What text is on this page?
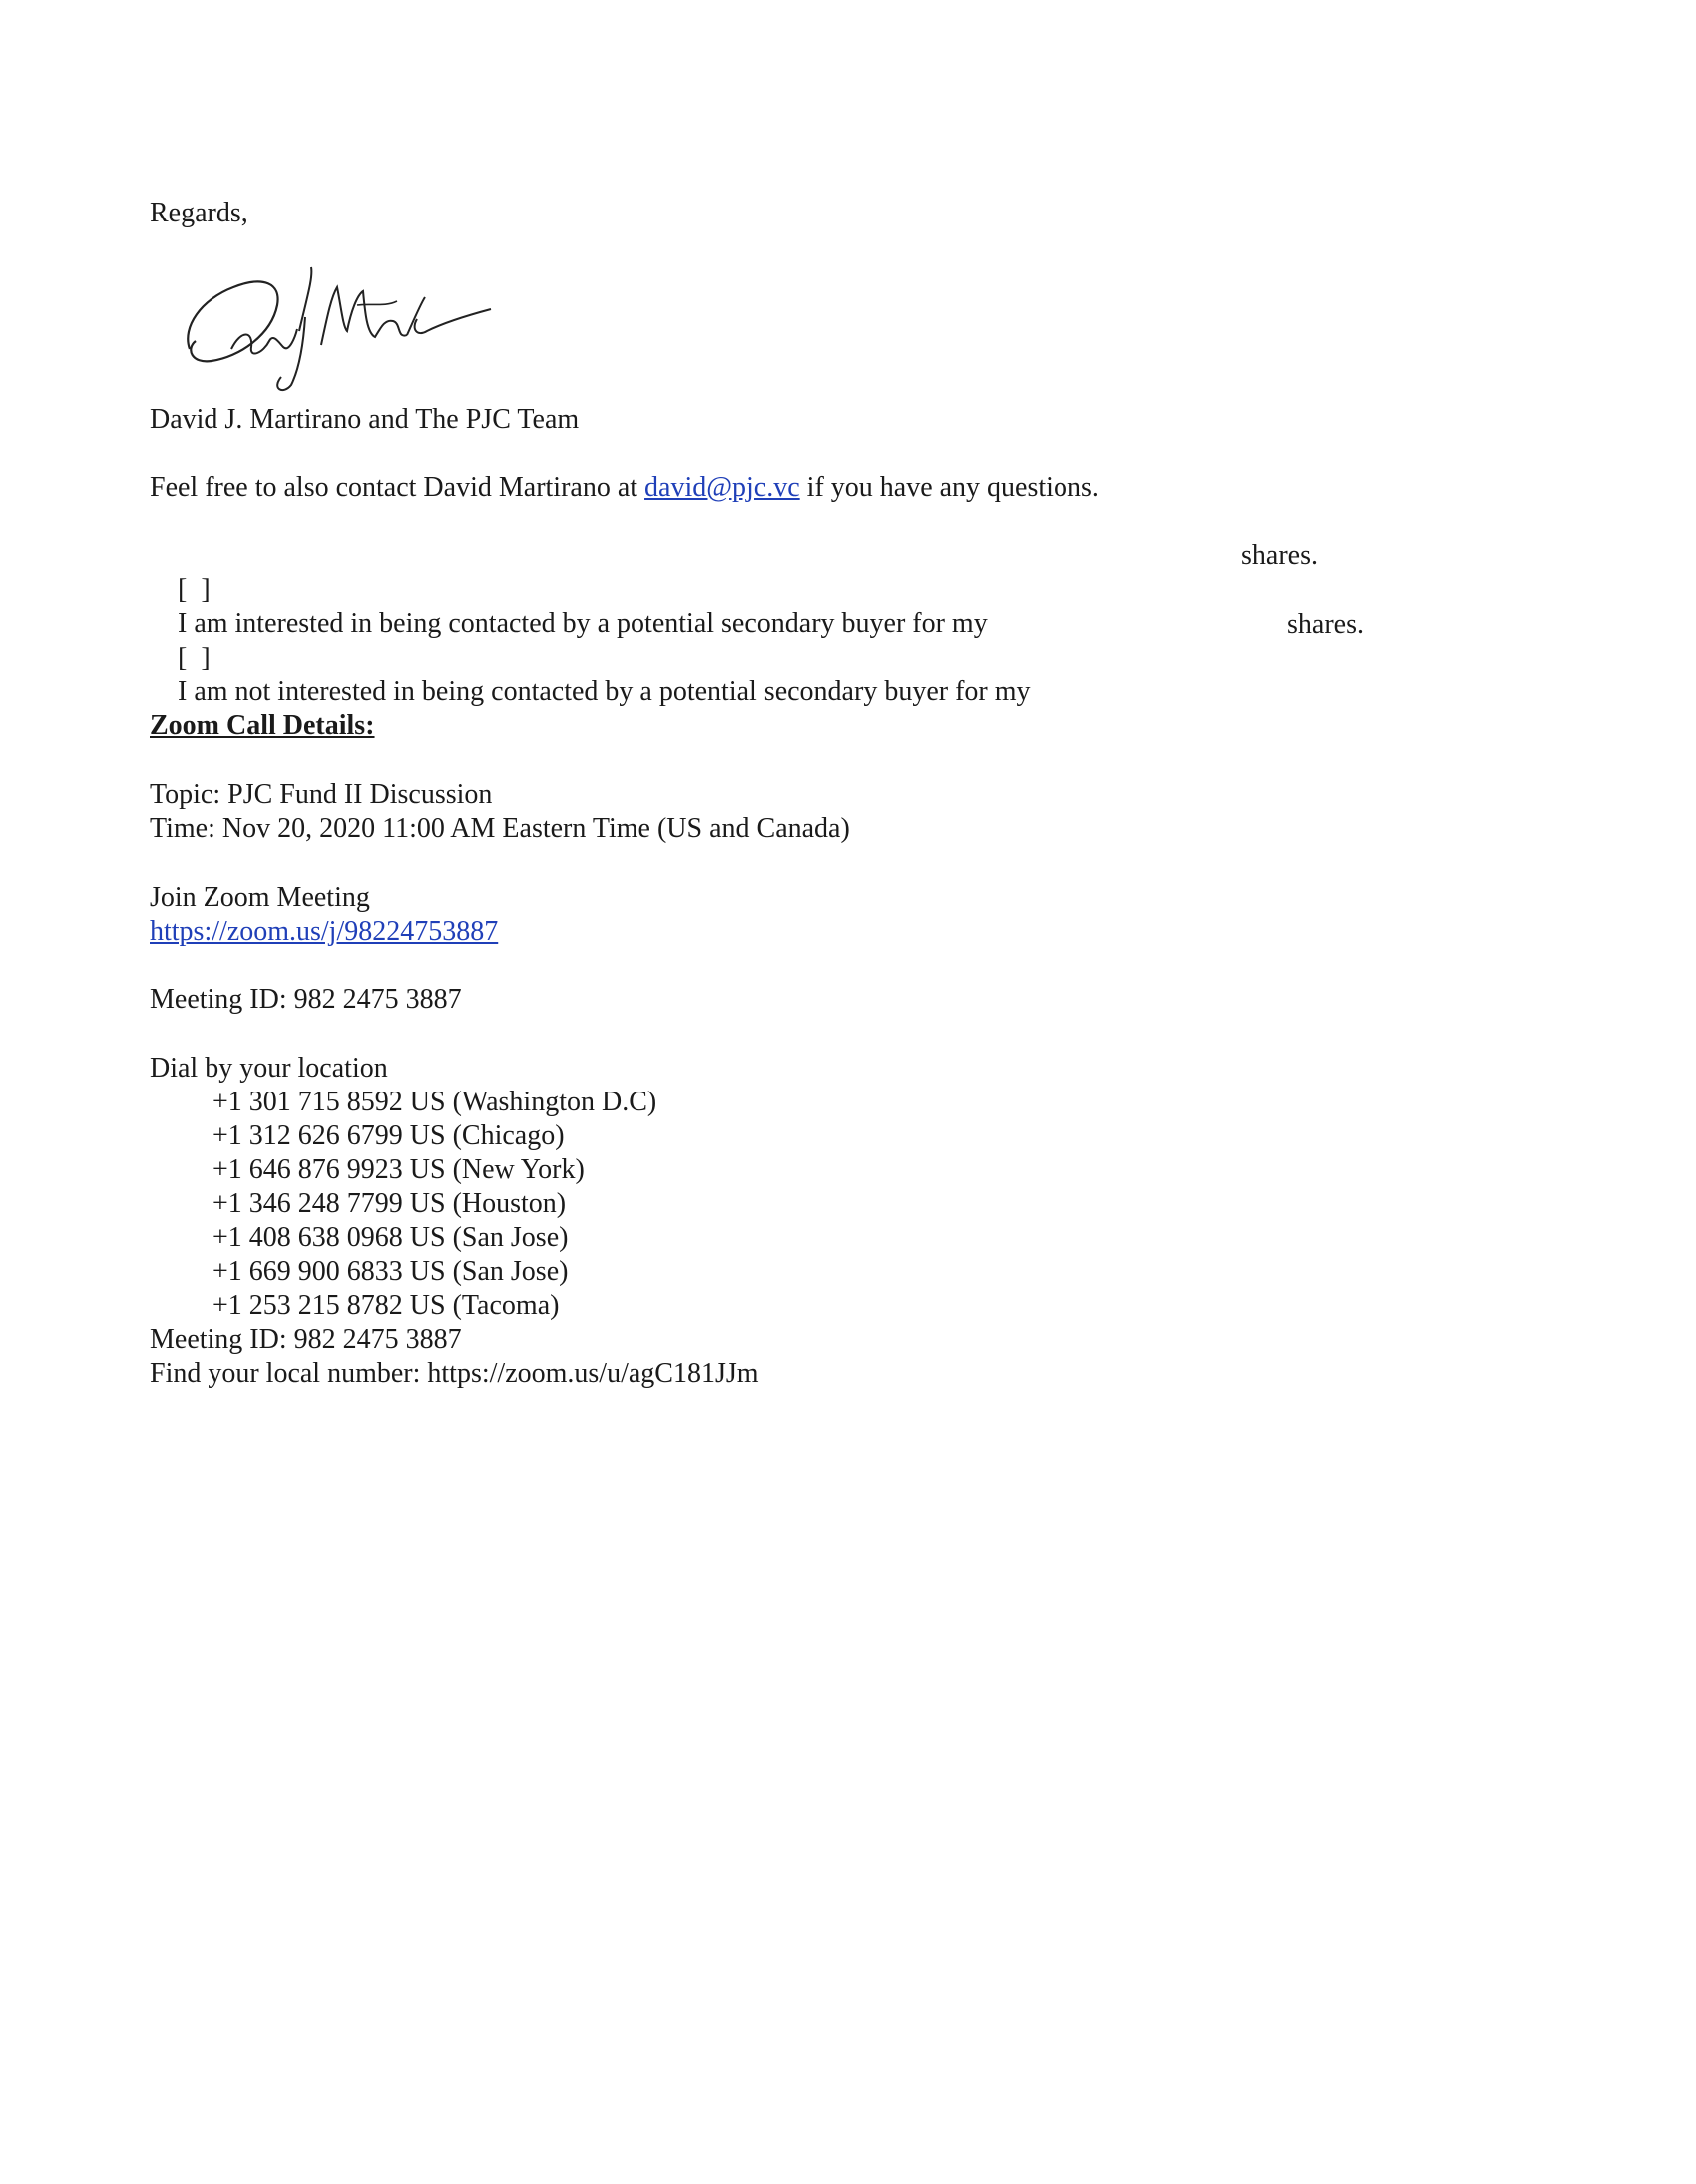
Regards,
David J. Martirano and The PJC Team
Feel free to also contact David Martirano at david@pjc.vc if you have any questions.

[  ]
I am interested in being contacted by a potential secondary buyer for my

shares.

[  ]
I am not interested in being contacted by a potential secondary buyer for my

shares.

Zoom Call Details:
Topic: PJC Fund II Discussion
Time: Nov 20, 2020 11:00 AM Eastern Time (US and Canada)
Join Zoom Meeting
https://zoom.us/j/98224753887
Meeting ID: 982 2475 3887
Dial by your location
+1 301 715 8592 US (Washington D.C)
+1 312 626 6799 US (Chicago)
+1 646 876 9923 US (New York)
+1 346 248 7799 US (Houston)
+1 408 638 0968 US (San Jose)
+1 669 900 6833 US (San Jose)
+1 253 215 8782 US (Tacoma)
Meeting ID: 982 2475 3887
Find your local number: https://zoom.us/u/agC181JJm
